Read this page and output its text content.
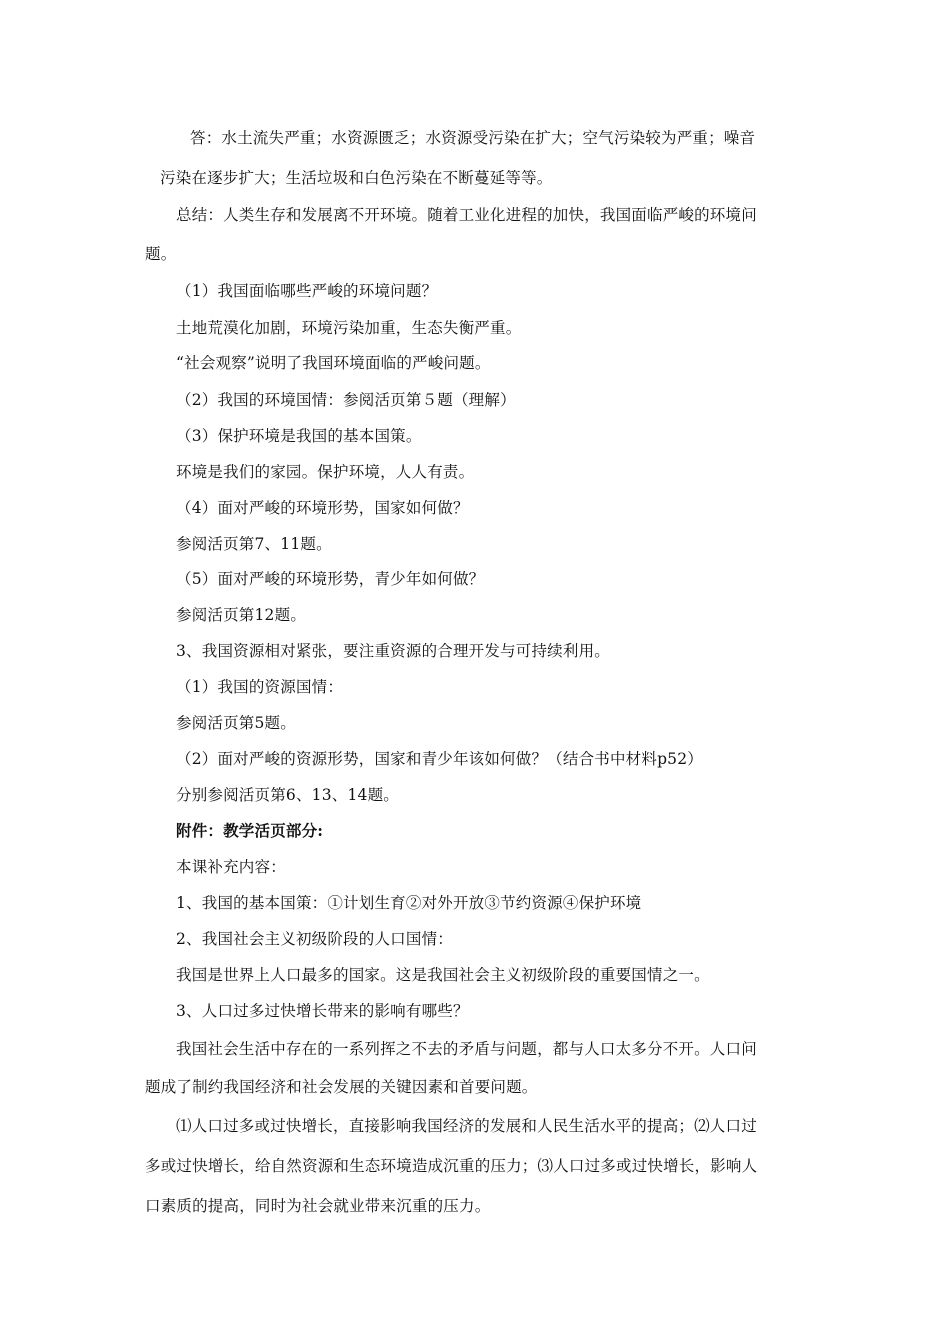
答：水土流失严重；水资源匮乏；水资源受污染在扩大；空气污染较为严重；噪音
污染在逐步扩大；生活垃圾和白色污染在不断蔓延等等。
总结：人类生存和发展离不开环境。随着工业化进程的加快，我国面临严峻的环境问
题。
（1）我国面临哪些严峻的环境问题？
土地荒漠化加剧，环境污染加重，生态失衡严重。
“社会观察”说明了我国环境面临的严峻问题。
（2）我国的环境国情：参阅活页第５题（理解）
（3）保护环境是我国的基本国策。
环境是我们的家园。保护环境，人人有责。
（4）面对严峻的环境形势，国家如何做？
参阅活页第7、11题。
（5）面对严峻的环境形势，青少年如何做？
参阅活页第12题。
3、我国资源相对紧张，要注重资源的合理开发与可持续利用。
（1）我国的资源国情：
参阅活页第5题。
（2）面对严峻的资源形势，国家和青少年该如何做？（结合书中材料p52）
分别参阅活页第6、13、14题。
附件：教学活页部分:
本课补充内容：
1、我国的基本国策：①计划生育②对外开放③节约资源④保护环境
2、我国社会主义初级阶段的人口国情：
我国是世界上人口最多的国家。这是我国社会主义初级阶段的重要国情之一。
3、人口过多过快增长带来的影响有哪些？
我国社会生活中存在的一系列挥之不去的矛盾与问题，都与人口太多分不开。人口问
题成了制约我国经济和社会发展的关键因素和首要问题。
⑴人口过多或过快增长，直接影响我国经济的发展和人民生活水平的提高；⑵人口过
多或过快增长，给自然资源和生态环境造成沉重的压力；⑶人口过多或过快增长，影响人
口素质的提高，同时为社会就业带来沉重的压力。
